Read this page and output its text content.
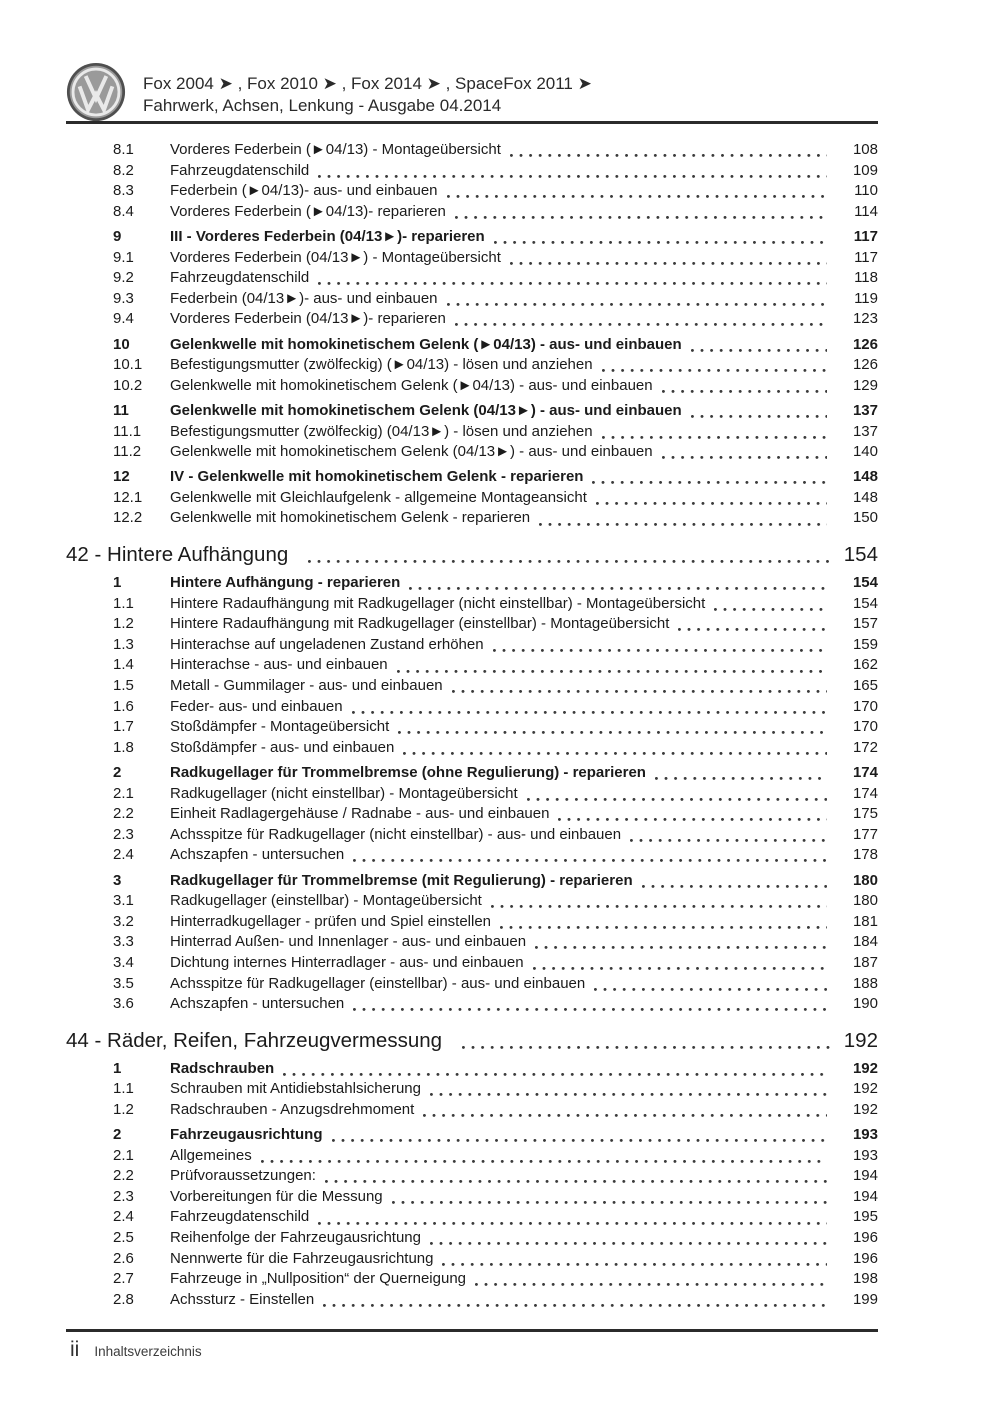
Fox 2004 ➤ , Fox 2010 ➤ , Fox 2014 ➤ , SpaceFox 2011 ➤
Fahrwerk, Achsen, Lenkung - Ausgabe 04.2014
8.1	Vorderes Federbein (►04/13) - Montageübersicht	108
8.2	Fahrzeugdatenschild	109
8.3	Federbein (►04/13)- aus- und einbauen	110
8.4	Vorderes Federbein (►04/13)- reparieren	114
9	III - Vorderes Federbein (04/13►)- reparieren	117
9.1	Vorderes Federbein (04/13►) - Montageübersicht	117
9.2	Fahrzeugdatenschild	118
9.3	Federbein (04/13►)- aus- und einbauen	119
9.4	Vorderes Federbein (04/13►)- reparieren	123
10	Gelenkwelle mit homokinetischem Gelenk (►04/13) - aus- und einbauen	126
10.1	Befestigungsmutter (zwölfeckig) (►04/13) - lösen und anziehen	126
10.2	Gelenkwelle mit homokinetischem Gelenk (►04/13) - aus- und einbauen	129
11	Gelenkwelle mit homokinetischem Gelenk (04/13►) - aus- und einbauen	137
11.1	Befestigungsmutter (zwölfeckig) (04/13►) - lösen und anziehen	137
11.2	Gelenkwelle mit homokinetischem Gelenk (04/13►) - aus- und einbauen	140
12	IV - Gelenkwelle mit homokinetischem Gelenk - reparieren	148
12.1	Gelenkwelle mit Gleichlaufgelenk - allgemeine Montageansicht	148
12.2	Gelenkwelle mit homokinetischem Gelenk - reparieren	150
42 - Hintere Aufhängung	154
1	Hintere Aufhängung - reparieren	154
1.1	Hintere Radaufhängung mit Radkugellager (nicht einstellbar) - Montageübersicht	154
1.2	Hintere Radaufhängung mit Radkugellager (einstellbar) - Montageübersicht	157
1.3	Hinterachse auf ungeladenen Zustand erhöhen	159
1.4	Hinterachse - aus- und einbauen	162
1.5	Metall - Gummilager - aus- und einbauen	165
1.6	Feder- aus- und einbauen	170
1.7	Stoßdämpfer - Montageübersicht	170
1.8	Stoßdämpfer - aus- und einbauen	172
2	Radkugellager für Trommelbremse (ohne Regulierung) - reparieren	174
2.1	Radkugellager (nicht einstellbar) - Montageübersicht	174
2.2	Einheit Radlagergehäuse / Radnabe - aus- und einbauen	175
2.3	Achsspitze für Radkugellager (nicht einstellbar) - aus- und einbauen	177
2.4	Achszapfen - untersuchen	178
3	Radkugellager für Trommelbremse (mit Regulierung) - reparieren	180
3.1	Radkugellager (einstellbar) - Montageübersicht	180
3.2	Hinterradkugellager - prüfen und Spiel einstellen	181
3.3	Hinterrad Außen- und Innenlager - aus- und einbauen	184
3.4	Dichtung internes Hinterradlager - aus- und einbauen	187
3.5	Achsspitze für Radkugellager (einstellbar) - aus- und einbauen	188
3.6	Achszapfen - untersuchen	190
44 - Räder, Reifen, Fahrzeugvermessung	192
1	Radschrauben	192
1.1	Schrauben mit Antidiebstahlsicherung	192
1.2	Radschrauben - Anzugsdrehmoment	192
2	Fahrzeugausrichtung	193
2.1	Allgemeines	193
2.2	Prüfvoraussetzungen:	194
2.3	Vorbereitungen für die Messung	194
2.4	Fahrzeugdatenschild	195
2.5	Reihenfolge der Fahrzeugausrichtung	196
2.6	Nennwerte für die Fahrzeugausrichtung	196
2.7	Fahrzeuge in „Nullposition“ der Querneigung	198
2.8	Achssturz - Einstellen	199
ii Inhaltsverzeichnis
